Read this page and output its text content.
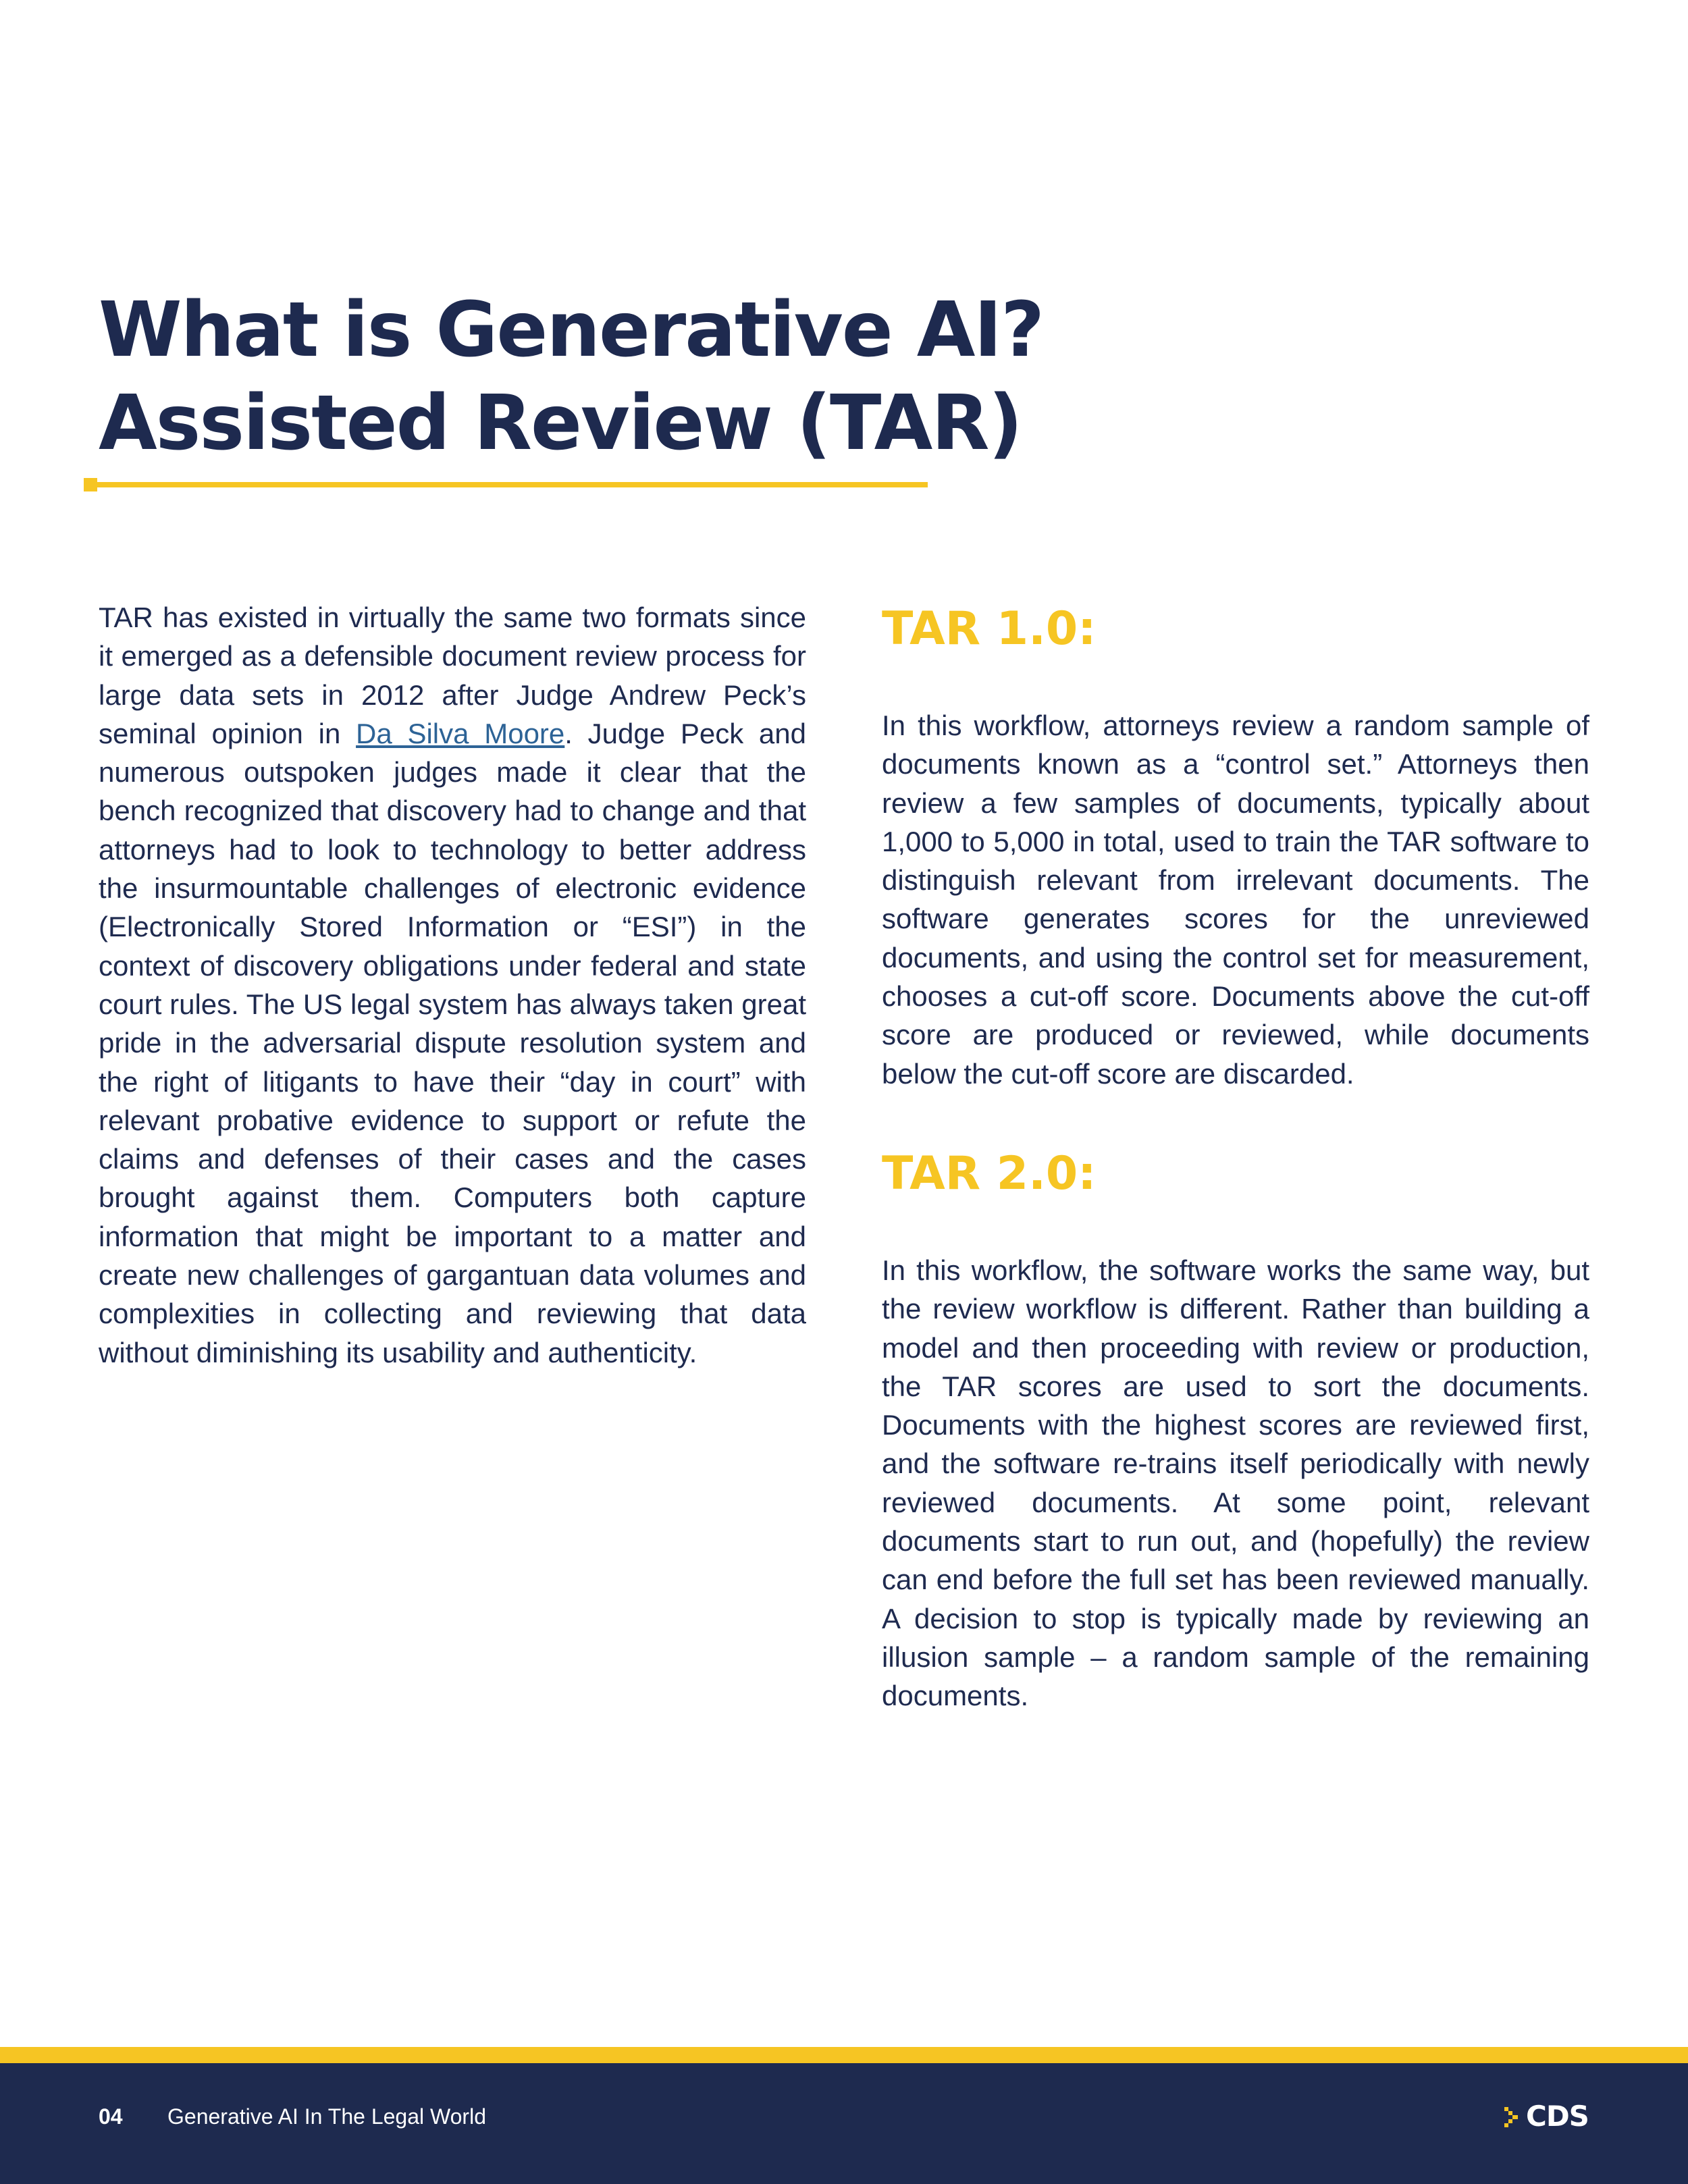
What is Generative AI?
Assisted Review (TAR)

TAR has existed in virtually the same two formats since it emerged as a defensible document review process for large data sets in 2012 after Judge Andrew Peck’s seminal opinion in Da Silva Moore. Judge Peck and numerous outspoken judges made it clear that the bench recognized that discovery had to change and that attorneys had to look to technology to better address the insurmountable challenges of electronic evidence (Electronically Stored Information or “ESI”) in the context of discovery obligations under federal and state court rules. The US legal system has always taken great pride in the adversarial dispute resolution system and the right of litigants to have their “day in court” with relevant probative evidence to support or refute the claims and defenses of their cases and the cases brought against them. Computers both capture information that might be important to a matter and create new challenges of gargantuan data volumes and complexities in collecting and reviewing that data without diminishing its usability and authenticity.

TAR 1.0:

In this workflow, attorneys review a random sample of documents known as a “control set.” Attorneys then review a few samples of documents, typically about 1,000 to 5,000 in total, used to train the TAR software to distinguish relevant from irrelevant documents. The software generates scores for the unreviewed documents, and using the control set for measurement, chooses a cut-off score. Documents above the cut-off score are produced or reviewed, while documents below the cut-off score are discarded.

TAR 2.0:

In this workflow, the software works the same way, but the review workflow is different. Rather than building a model and then proceeding with review or production, the TAR scores are used to sort the documents. Documents with the highest scores are reviewed first, and the software re-trains itself periodically with newly reviewed documents. At some point, relevant documents start to run out, and (hopefully) the review can end before the full set has been reviewed manually. A decision to stop is typically made by reviewing an illusion sample – a random sample of the remaining documents.

04 Generative AI In The Legal World	CDS
